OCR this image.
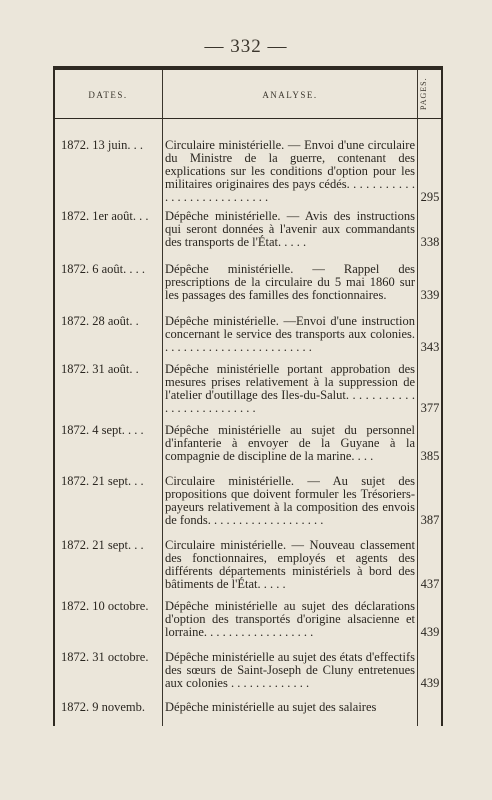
— 332 —
DATES.	ANALYSE.	PAGES.
1872. 13 juin. . .	Circulaire ministérielle. — Envoi d'une circulaire du Ministre de la guerre, contenant des explications sur les conditions d'option pour les militaires originaires des pays cédés. . . . . . . . . . . . . . . . . . . . . . . . . . . .	295
1872. 1er août. . .	Dépêche ministérielle. — Avis des instructions qui seront données à l'avenir aux commandants des transports de l'État. . . . .	338
1872. 6 août. . . .	Dépêche ministérielle. — Rappel des prescriptions de la circulaire du 5 mai 1860 sur les passages des familles des fonctionnaires.	339
1872. 28 août. .	Dépêche ministérielle. —Envoi d'une instruction concernant le service des transports aux colonies. . . . . . . . . . . . . . . . . . . . . . . . .	343
1872. 31 août. .	Dépêche ministérielle portant approbation des mesures prises relativement à la suppression de l'atelier d'outillage des Iles-du-Salut. . . . . . . . . . . . . . . . . . . . . . . . . .	377
1872. 4 sept. . . .	Dépêche ministérielle au sujet du personnel d'infanterie à envoyer de la Guyane à la compagnie de discipline de la marine. . . .	385
1872. 21 sept. . .	Circulaire ministérielle. — Au sujet des propositions que doivent formuler les Trésoriers-payeurs relativement à la composition des envois de fonds. . . . . . . . . . . . . . . . . . .	387
1872. 21 sept. . .	Circulaire ministérielle. — Nouveau classement des fonctionnaires, employés et agents des différents départements ministériels à bord des bâtiments de l'État. . . . .	437
1872. 10 octobre.	Dépêche ministérielle au sujet des déclarations d'option des transportés d'origine alsacienne et lorraine. . . . . . . . . . . . . . . . . .	439
1872. 31 octobre.	Dépêche ministérielle au sujet des états d'effectifs des sœurs de Saint-Joseph de Cluny entretenues aux colonies . . . . . . . . . . . . .	439
1872. 9 novemb.	Dépêche ministérielle au sujet des salaires
